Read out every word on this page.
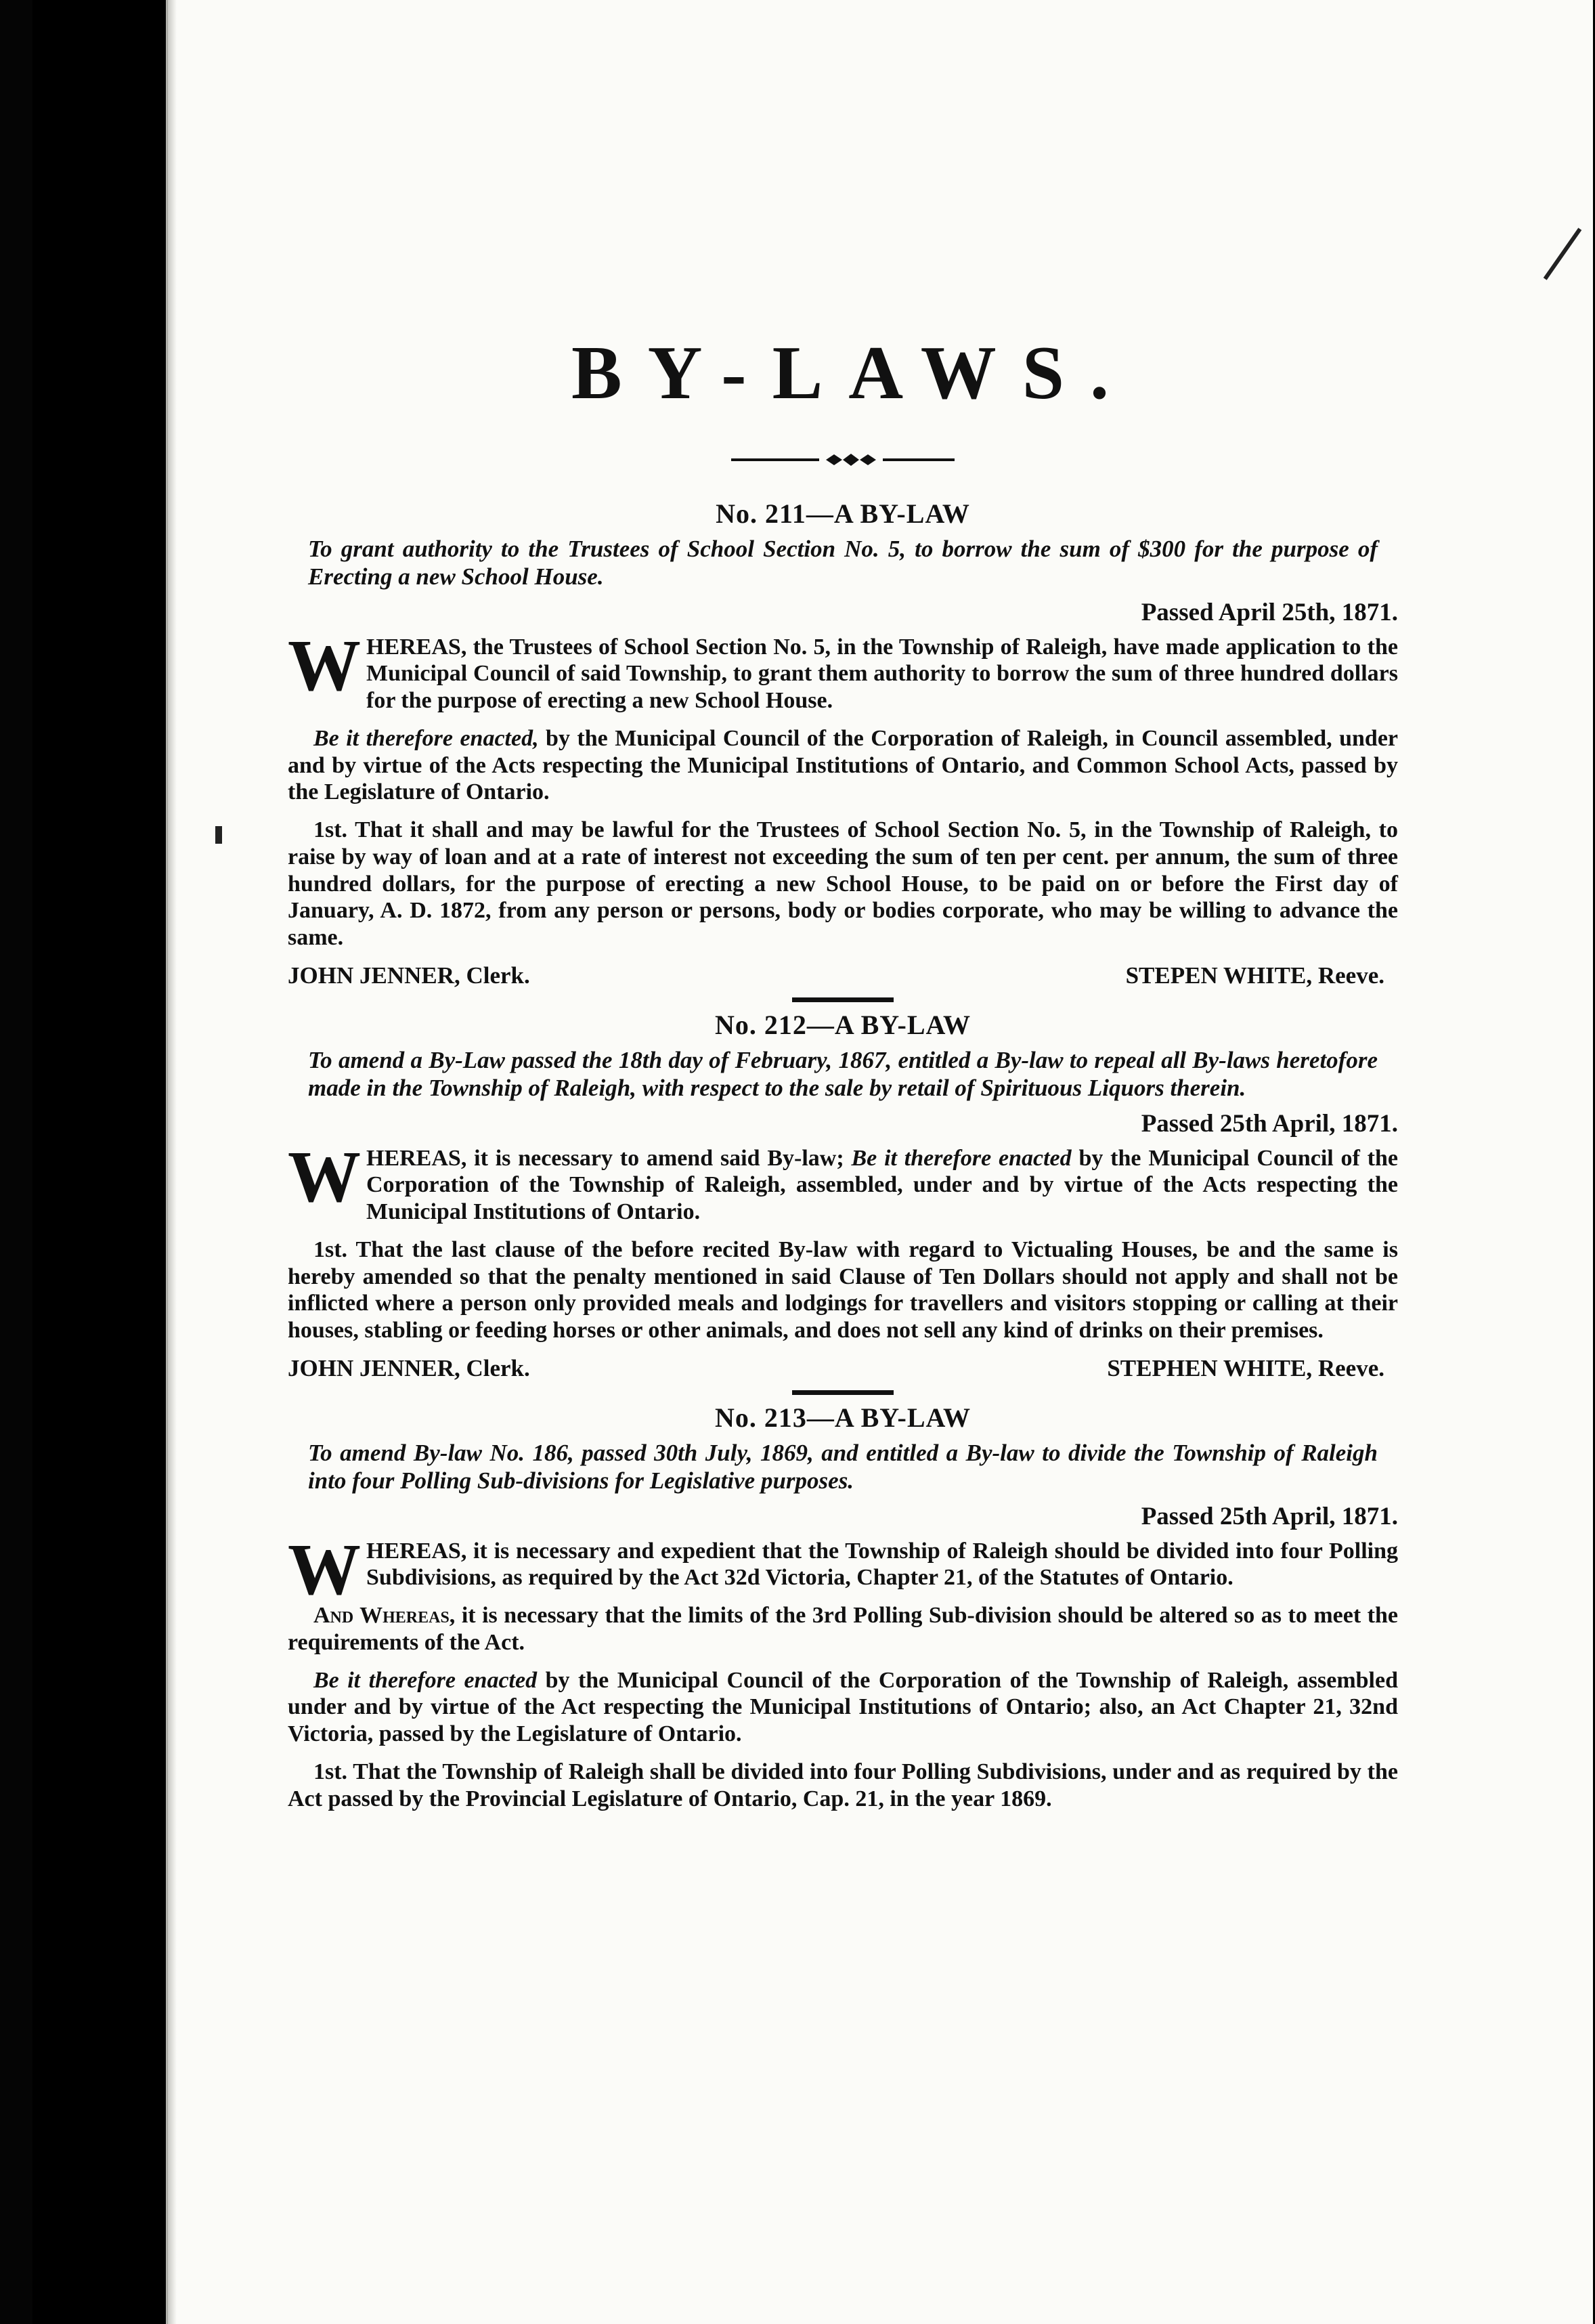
BY-LAWS.
No. 211—A BY-LAW
To grant authority to the Trustees of School Section No. 5, to borrow the sum of $300 for the purpose of Erecting a new School House.
Passed April 25th, 1871.

WHEREAS, the Trustees of School Section No. 5, in the Township of Raleigh, have made application to the Municipal Council of said Township, to grant them authority to borrow the sum of three hundred dollars for the purpose of erecting a new School House.

Be it therefore enacted, by the Municipal Council of the Corporation of Raleigh, in Council assembled, under and by virtue of the Acts respecting the Municipal Institutions of Ontario, and Common School Acts, passed by the Legislature of Ontario.

1st. That it shall and may be lawful for the Trustees of School Section No. 5, in the Township of Raleigh, to raise by way of loan and at a rate of interest not exceeding the sum of ten per cent. per annum, the sum of three hundred dollars, for the purpose of erecting a new School House, to be paid on or before the First day of January, A. D. 1872, from any person or persons, body or bodies corporate, who may be willing to advance the same.

JOHN JENNER, Clerk.	STEPEN WHITE, Reeve.
No. 212—A BY-LAW
To amend a By-Law passed the 18th day of February, 1867, entitled a By-law to repeal all By-laws heretofore made in the Township of Raleigh, with respect to the sale by retail of Spirituous Liquors therein.
Passed 25th April, 1871.

WHEREAS, it is necessary to amend said By-law; Be it therefore enacted by the Municipal Council of the Corporation of the Township of Raleigh, assembled, under and by virtue of the Acts respecting the Municipal Institutions of Ontario.

1st. That the last clause of the before recited By-law with regard to Victualing Houses, be and the same is hereby amended so that the penalty mentioned in said Clause of Ten Dollars should not apply and shall not be inflicted where a person only provided meals and lodgings for travellers and visitors stopping or calling at their houses, stabling or feeding horses or other animals, and does not sell any kind of drinks on their premises.

JOHN JENNER, Clerk.	STEPHEN WHITE, Reeve.
No. 213—A BY-LAW
To amend By-law No. 186, passed 30th July, 1869, and entitled a By-law to divide the Township of Raleigh into four Polling Sub-divisions for Legislative purposes.
Passed 25th April, 1871.

WHEREAS, it is necessary and expedient that the Township of Raleigh should be divided into four Polling Subdivisions, as required by the Act 32d Victoria, Chapter 21, of the Statutes of Ontario.

And Whereas, it is necessary that the limits of the 3rd Polling Sub-division should be altered so as to meet the requirements of the Act.

Be it therefore enacted by the Municipal Council of the Corporation of the Township of Raleigh, assembled under and by virtue of the Act respecting the Municipal Institutions of Ontario; also, an Act Chapter 21, 32nd Victoria, passed by the Legislature of Ontario.

1st. That the Township of Raleigh shall be divided into four Polling Subdivisions, under and as required by the Act passed by the Provincial Legislature of Ontario, Cap. 21, in the year 1869.
